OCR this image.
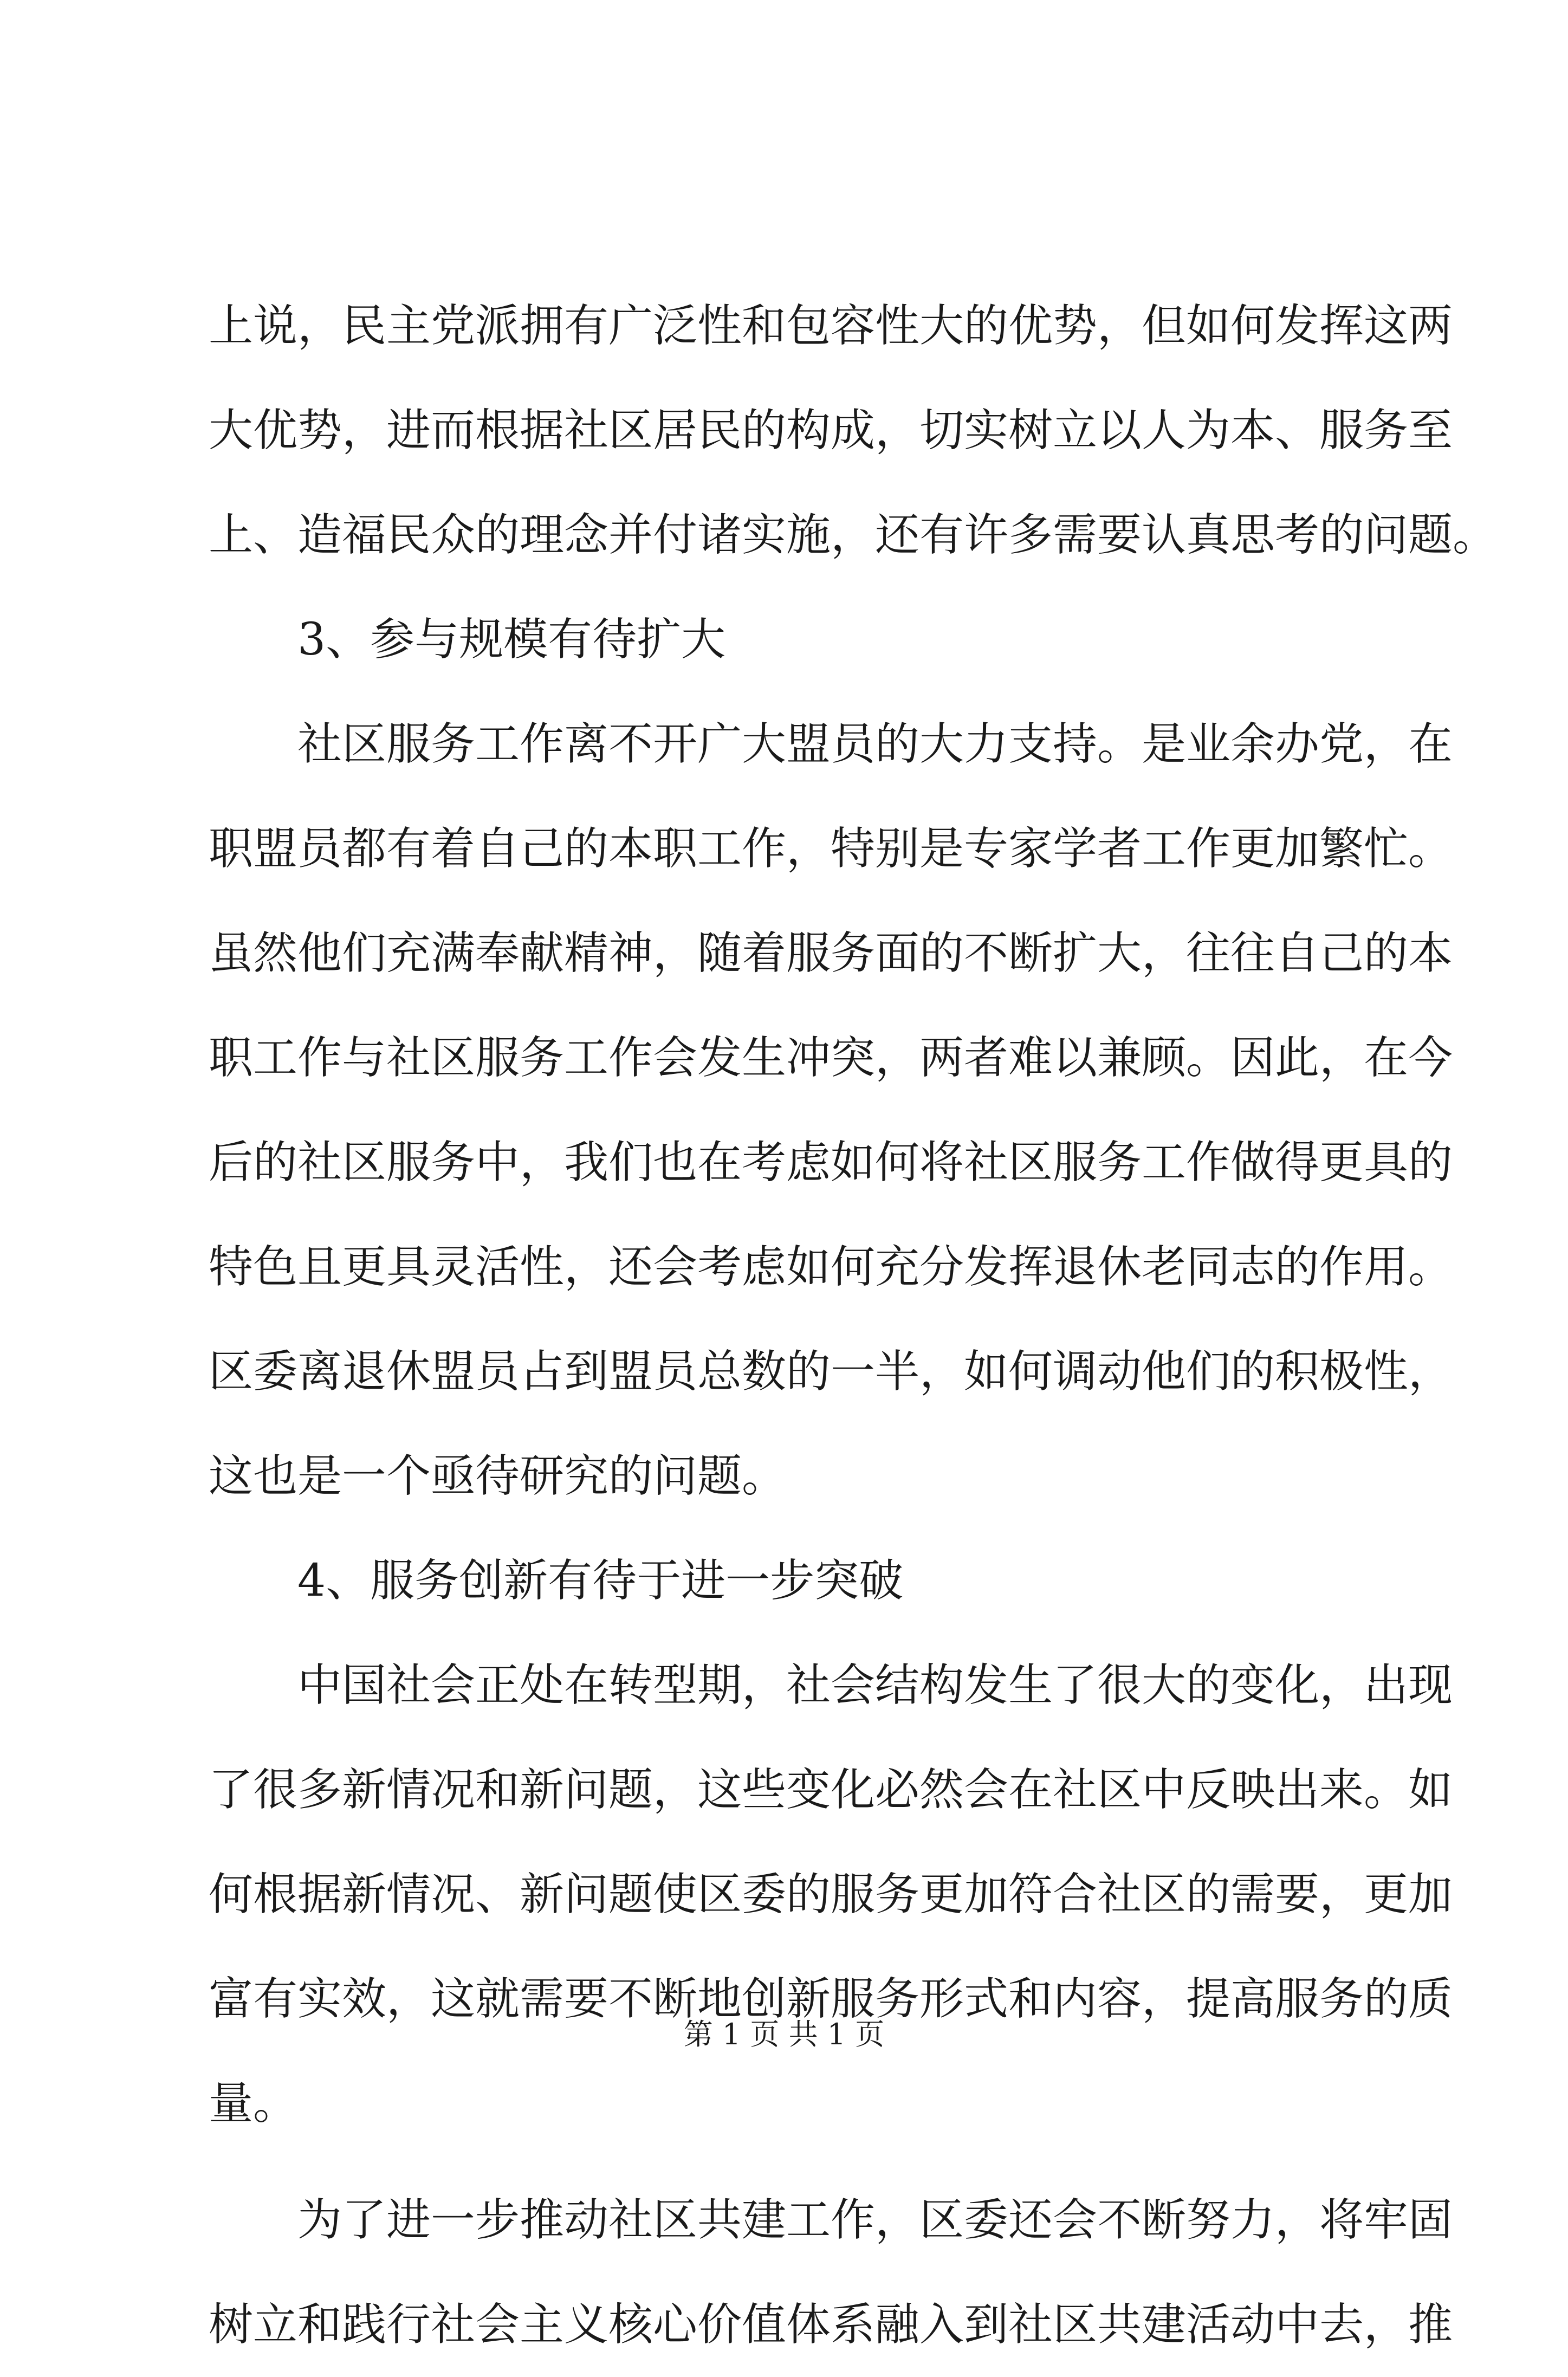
上说，民主党派拥有广泛性和包容性大的优势，但如何发挥这两
大优势，进而根据社区居民的构成，切实树立以人为本、服务至
上、造福民众的理念并付诸实施，还有许多需要认真思考的问题。
3、参与规模有待扩大
社区服务工作离不开广大盟员的大力支持。是业余办党，在
职盟员都有着自己的本职工作，特别是专家学者工作更加繁忙。
虽然他们充满奉献精神，随着服务面的不断扩大，往往自己的本
职工作与社区服务工作会发生冲突，两者难以兼顾。因此，在今
后的社区服务中，我们也在考虑如何将社区服务工作做得更具的
特色且更具灵活性，还会考虑如何充分发挥退休老同志的作用。
区委离退休盟员占到盟员总数的一半，如何调动他们的积极性，
这也是一个亟待研究的问题。
4、服务创新有待于进一步突破
中国社会正处在转型期，社会结构发生了很大的变化，出现
了很多新情况和新问题，这些变化必然会在社区中反映出来。如
何根据新情况、新问题使区委的服务更加符合社区的需要，更加
富有实效，这就需要不断地创新服务形式和内容，提高服务的质
量。
为了进一步推动社区共建工作，区委还会不断努力，将牢固
树立和践行社会主义核心价值体系融入到社区共建活动中去，推
第 1 页 共 1 页
